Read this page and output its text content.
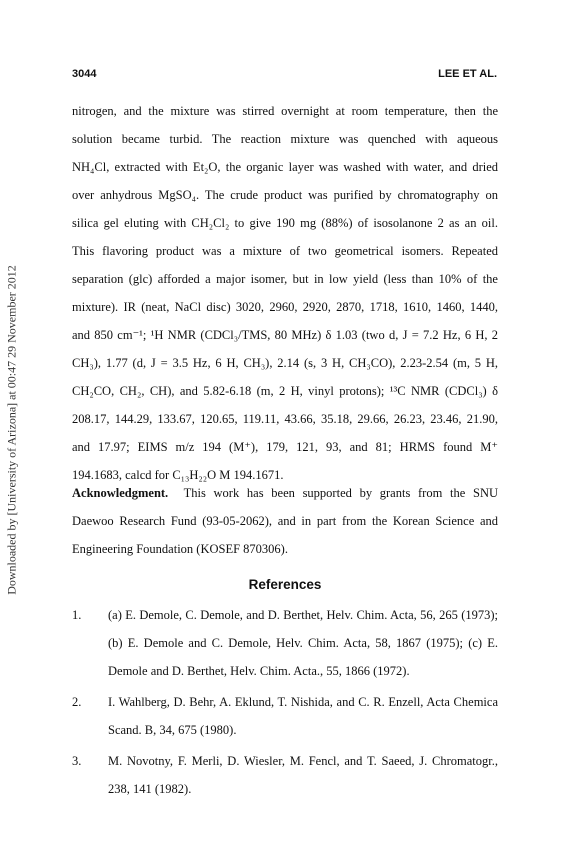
3044	LEE ET AL.
Downloaded by [University of Arizona] at 00:47 29 November 2012
nitrogen, and the mixture was stirred overnight at room temperature, then the
solution became turbid. The reaction mixture was quenched with aqueous
NH₄Cl, extracted with Et₂O, the organic layer was washed with water, and dried
over anhydrous MgSO₄. The crude product was purified by chromatography on
silica gel eluting with CH₂Cl₂ to give 190 mg (88%) of isosolanone 2 as an oil.
This flavoring product was a mixture of two geometrical isomers. Repeated
separation (glc) afforded a major isomer, but in low yield (less than 10% of the
mixture). IR (neat, NaCl disc) 3020, 2960, 2920, 2870, 1718, 1610, 1460, 1440,
and 850 cm⁻¹; ¹H NMR (CDCl₃/TMS, 80 MHz) δ 1.03 (two d, J = 7.2 Hz, 6 H, 2
CH₃), 1.77 (d, J = 3.5 Hz, 6 H, CH₃), 2.14 (s, 3 H, CH₃CO), 2.23-2.54 (m, 5 H,
CH₂CO, CH₂, CH), and 5.82-6.18 (m, 2 H, vinyl protons); ¹³C NMR (CDCl₃) δ
208.17, 144.29, 133.67, 120.65, 119.11, 43.66, 35.18, 29.66, 26.23, 23.46, 21.90,
and 17.97; EIMS m/z 194 (M⁺), 179, 121, 93, and 81; HRMS found M⁺
194.1683, calcd for C₁₃H₂₂O M 194.1671.
Acknowledgment. This work has been supported by grants from the SNU
Daewoo Research Fund (93-05-2062), and in part from the Korean Science and
Engineering Foundation (KOSEF 870306).
References
1. (a) E. Demole, C. Demole, and D. Berthet, Helv. Chim. Acta, 56, 265 (1973);
(b) E. Demole and C. Demole, Helv. Chim. Acta, 58, 1867 (1975); (c) E.
Demole and D. Berthet, Helv. Chim. Acta., 55, 1866 (1972).
2. I. Wahlberg, D. Behr, A. Eklund, T. Nishida, and C. R. Enzell, Acta Chemica
Scand. B, 34, 675 (1980).
3. M. Novotny, F. Merli, D. Wiesler, M. Fencl, and T. Saeed, J. Chromatogr.,
238, 141 (1982).
